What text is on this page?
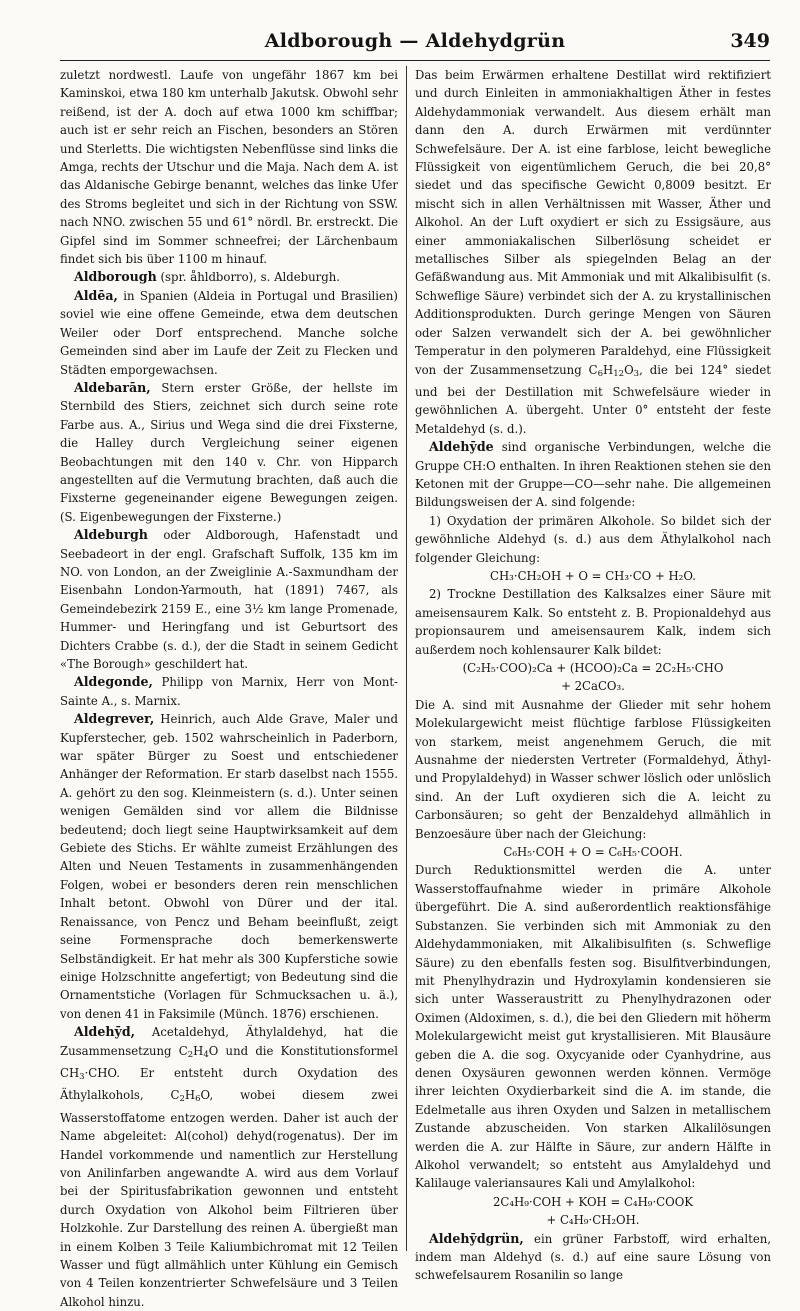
Aldborough — Aldehydgrün	349

zuletzt nordwestl. Laufe von ungefähr 1867 km bei Kaminskoi, etwa 180 km unterhalb Jakutsk. Obwohl sehr reißend, ist der A. doch auf etwa 1000 km schiffbar; auch ist er sehr reich an Fischen, besonders an Stören und Sterletts. Die wichtigsten Nebenflüsse sind links die Amga, rechts der Utschur und die Maja. Nach dem A. ist das Aldanische Gebirge benannt, welches das linke Ufer des Stroms begleitet und sich in der Richtung von SSW. nach NNO. zwischen 55 und 61° nördl. Br. erstreckt. Die Gipfel sind im Sommer schneefrei; der Lärchenbaum findet sich bis über 1100 m hinauf.

Aldborough (spr. åhldborro), s. Aldeburgh.

Aldēa, in Spanien (Aldeia in Portugal und Brasilien) soviel wie eine offene Gemeinde, etwa dem deutschen Weiler oder Dorf entsprechend. Manche solche Gemeinden sind aber im Laufe der Zeit zu Flecken und Städten emporgewachsen.

Aldebarān, Stern erster Größe, der hellste im Sternbild des Stiers, zeichnet sich durch seine rote Farbe aus. A., Sirius und Wega sind die drei Fixsterne, die Halley durch Vergleichung seiner eigenen Beobachtungen mit den 140 v. Chr. von Hipparch angestellten auf die Vermutung brachten, daß auch die Fixsterne gegeneinander eigene Bewegungen zeigen. (S. Eigenbewegungen der Fixsterne.)

Aldeburgh oder Aldborough, Hafenstadt und Seebadeort in der engl. Grafschaft Suffolk, 135 km im NO. von London, an der Zweiglinie A.-Saxmundham der Eisenbahn London-Yarmouth, hat (1891) 7467, als Gemeindebezirk 2159 E., eine 3½ km lange Promenade, Hummer- und Heringfang und ist Geburtsort des Dichters Crabbe (s. d.), der die Stadt in seinem Gedicht «The Borough» geschildert hat.

Aldegonde, Philipp von Marnix, Herr von Mont-Sainte A., s. Marnix.

Aldegrever, Heinrich, auch Alde Grave, Maler und Kupferstecher, geb. 1502 wahrscheinlich in Paderborn, war später Bürger zu Soest und entschiedener Anhänger der Reformation. Er starb daselbst nach 1555. A. gehört zu den sog. Kleinmeistern (s. d.). Unter seinen wenigen Gemälden sind vor allem die Bildnisse bedeutend; doch liegt seine Hauptwirksamkeit auf dem Gebiete des Stichs. Er wählte zumeist Erzählungen des Alten und Neuen Testaments in zusammenhängenden Folgen, wobei er besonders deren rein menschlichen Inhalt betont. Obwohl von Dürer und der ital. Renaissance, von Pencz und Beham beeinflußt, zeigt seine Formensprache doch bemerkenswerte Selbständigkeit. Er hat mehr als 300 Kupferstiche sowie einige Holzschnitte angefertigt; von Bedeutung sind die Ornamentstiche (Vorlagen für Schmucksachen u. ä.), von denen 41 in Faksimile (Münch. 1876) erschienen.

Aldehȳd, Acetaldehyd, Äthylaldehyd, hat die Zusammensetzung $C_2H_4O$ und die Konstitutionsformel $CH_3\cdot CHO$. Er entsteht durch Oxydation des Äthylalkohols, $C_2H_6O$, wobei diesem zwei Wasserstoffatome entzogen werden. Daher ist auch der Name abgeleitet: Al(cohol) dehyd(rogenatus). Der im Handel vorkommende und namentlich zur Herstellung von Anilinfarben angewandte A. wird aus dem Vorlauf bei der Spiritusfabrikation gewonnen und entsteht durch Oxydation von Alkohol beim Filtrieren über Holzkohle. Zur Darstellung des reinen A. übergießt man in einem Kolben 3 Teile Kaliumbichromat mit 12 Teilen Wasser und fügt allmählich unter Kühlung ein Gemisch von 4 Teilen konzentrierter Schwefelsäure und 3 Teilen Alkohol hinzu.

Das beim Erwärmen erhaltene Destillat wird rektifiziert und durch Einleiten in ammoniakhaltigen Äther in festes Aldehydammoniak verwandelt. Aus diesem erhält man dann den A. durch Erwärmen mit verdünnter Schwefelsäure. Der A. ist eine farblose, leicht bewegliche Flüssigkeit von eigentümlichem Geruch, die bei 20,8° siedet und das specifische Gewicht 0,8009 besitzt. Er mischt sich in allen Verhältnissen mit Wasser, Äther und Alkohol. An der Luft oxydiert er sich zu Essigsäure, aus einer ammoniakalischen Silberlösung scheidet er metallisches Silber als spiegelnden Belag an der Gefäßwandung aus. Mit Ammoniak und mit Alkalibisulfit (s. Schweflige Säure) verbindet sich der A. zu krystallinischen Additionsprodukten. Durch geringe Mengen von Säuren oder Salzen verwandelt sich der A. bei gewöhnlicher Temperatur in den polymeren Paraldehyd, eine Flüssigkeit von der Zusammensetzung $C_6H_{12}O_3$, die bei 124° siedet und bei der Destillation mit Schwefelsäure wieder in gewöhnlichen A. übergeht. Unter 0° entsteht der feste Metaldehyd (s. d.).

Aldehȳde sind organische Verbindungen, welche die Gruppe CH:O enthalten. In ihren Reaktionen stehen sie den Ketonen mit der Gruppe—CO—sehr nahe. Die allgemeinen Bildungsweisen der A. sind folgende:

1) Oxydation der primären Alkohole. So bildet sich der gewöhnliche Aldehyd (s. d.) aus dem Äthylalkohol nach folgender Gleichung:

CH₃·CH₂OH + O = CH₃·CO + H₂O.

2) Trockne Destillation des Kalksalzes einer Säure mit ameisensaurem Kalk. So entsteht z. B. Propionaldehyd aus propionsaurem und ameisensaurem Kalk, indem sich außerdem noch kohlensaurer Kalk bildet:

(C₂H₅·COO)₂Ca + (HCOO)₂Ca = 2C₂H₅·CHO

+ 2CaCO₃.

Die A. sind mit Ausnahme der Glieder mit sehr hohem Molekulargewicht meist flüchtige farblose Flüssigkeiten von starkem, meist angenehmem Geruch, die mit Ausnahme der niedersten Vertreter (Formaldehyd, Äthyl- und Propylaldehyd) in Wasser schwer löslich oder unlöslich sind. An der Luft oxydieren sich die A. leicht zu Carbonsäuren; so geht der Benzaldehyd allmählich in Benzoesäure über nach der Gleichung:

C₆H₅·COH + O = C₆H₅·COOH.

Durch Reduktionsmittel werden die A. unter Wasserstoffaufnahme wieder in primäre Alkohole übergeführt. Die A. sind außerordentlich reaktionsfähige Substanzen. Sie verbinden sich mit Ammoniak zu den Aldehydammoniaken, mit Alkalibisulfiten (s. Schweflige Säure) zu den ebenfalls festen sog. Bisulfitverbindungen, mit Phenylhydrazin und Hydroxylamin kondensieren sie sich unter Wasseraustritt zu Phenylhydrazonen oder Oximen (Aldoximen, s. d.), die bei den Gliedern mit höherm Molekulargewicht meist gut krystallisieren. Mit Blausäure geben die A. die sog. Oxycyanide oder Cyanhydrine, aus denen Oxysäuren gewonnen werden können. Vermöge ihrer leichten Oxydierbarkeit sind die A. im stande, die Edelmetalle aus ihren Oxyden und Salzen in metallischem Zustande abzuscheiden. Von starken Alkalilösungen werden die A. zur Hälfte in Säure, zur andern Hälfte in Alkohol verwandelt; so entsteht aus Amylaldehyd und Kalilauge valeriansaures Kali und Amylalkohol:

2C₄H₉·COH + KOH = C₄H₉·COOK

+ C₄H₉·CH₂OH.

Aldehȳdgrün, ein grüner Farbstoff, wird erhalten, indem man Aldehyd (s. d.) auf eine saure Lösung von schwefelsaurem Rosanilin so lange
